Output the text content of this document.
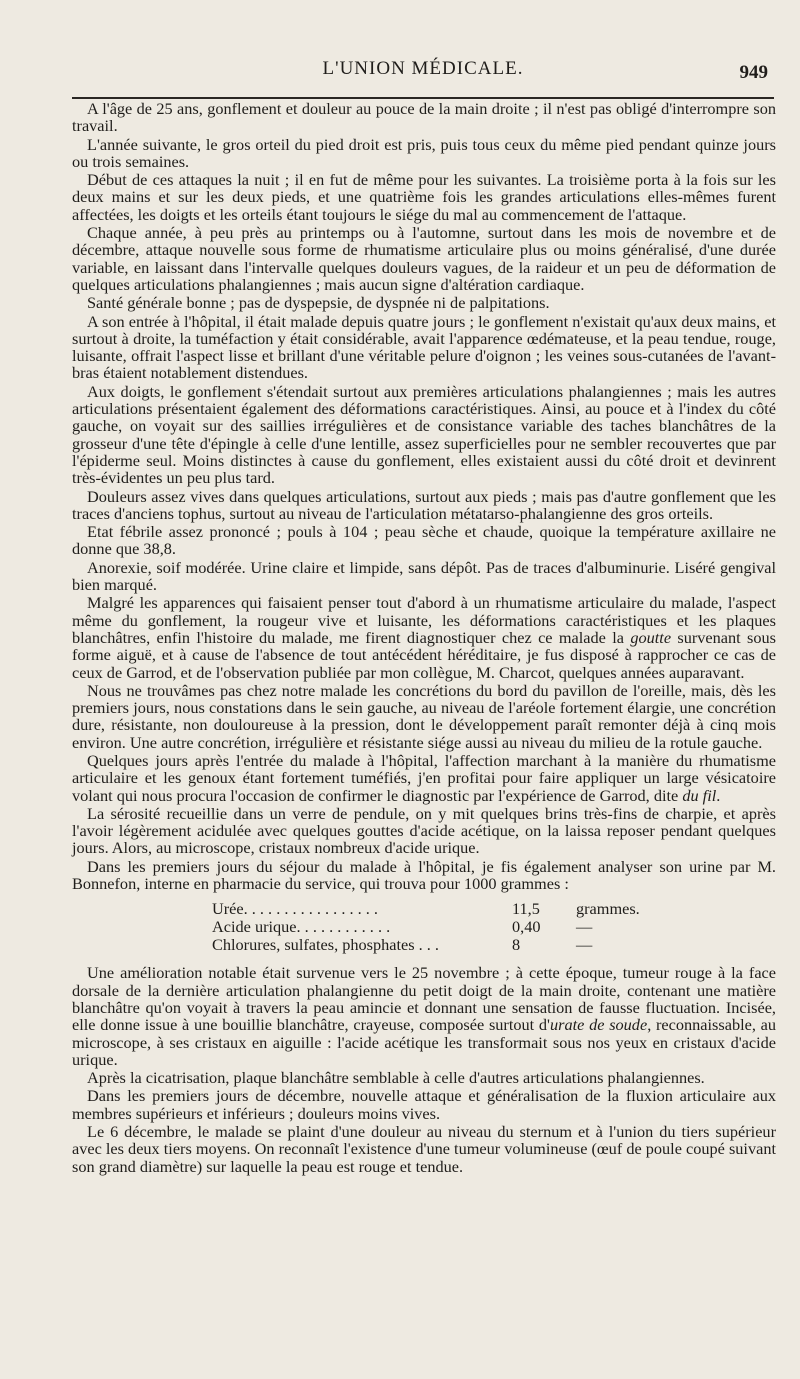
L'UNION MÉDICALE.	949

A l'âge de 25 ans, gonflement et douleur au pouce de la main droite ; il n'est pas obligé d'interrompre son travail.

L'année suivante, le gros orteil du pied droit est pris, puis tous ceux du même pied pendant quinze jours ou trois semaines.

Début de ces attaques la nuit ; il en fut de même pour les suivantes. La troisième porta à la fois sur les deux mains et sur les deux pieds, et une quatrième fois les grandes articulations elles-mêmes furent affectées, les doigts et les orteils étant toujours le siége du mal au commencement de l'attaque.

Chaque année, à peu près au printemps ou à l'automne, surtout dans les mois de novembre et de décembre, attaque nouvelle sous forme de rhumatisme articulaire plus ou moins généralisé, d'une durée variable, en laissant dans l'intervalle quelques douleurs vagues, de la raideur et un peu de déformation de quelques articulations phalangiennes ; mais aucun signe d'altération cardiaque.

Santé générale bonne ; pas de dyspepsie, de dyspnée ni de palpitations.

A son entrée à l'hôpital, il était malade depuis quatre jours ; le gonflement n'existait qu'aux deux mains, et surtout à droite, la tuméfaction y était considérable, avait l'apparence œdémateuse, et la peau tendue, rouge, luisante, offrait l'aspect lisse et brillant d'une véritable pelure d'oignon ; les veines sous-cutanées de l'avant-bras étaient notablement distendues.

Aux doigts, le gonflement s'étendait surtout aux premières articulations phalangiennes ; mais les autres articulations présentaient également des déformations caractéristiques. Ainsi, au pouce et à l'index du côté gauche, on voyait sur des saillies irrégulières et de consistance variable des taches blanchâtres de la grosseur d'une tête d'épingle à celle d'une lentille, assez superficielles pour ne sembler recouvertes que par l'épiderme seul. Moins distinctes à cause du gonflement, elles existaient aussi du côté droit et devinrent très-évidentes un peu plus tard.

Douleurs assez vives dans quelques articulations, surtout aux pieds ; mais pas d'autre gonflement que les traces d'anciens tophus, surtout au niveau de l'articulation métatarso-phalangienne des gros orteils.

Etat fébrile assez prononcé ; pouls à 104 ; peau sèche et chaude, quoique la température axillaire ne donne que 38,8.

Anorexie, soif modérée. Urine claire et limpide, sans dépôt. Pas de traces d'albuminurie. Liséré gengival bien marqué.

Malgré les apparences qui faisaient penser tout d'abord à un rhumatisme articulaire du malade, l'aspect même du gonflement, la rougeur vive et luisante, les déformations caractéristiques et les plaques blanchâtres, enfin l'histoire du malade, me firent diagnostiquer chez ce malade la goutte survenant sous forme aiguë, et à cause de l'absence de tout antécédent héréditaire, je fus disposé à rapprocher ce cas de ceux de Garrod, et de l'observation publiée par mon collègue, M. Charcot, quelques années auparavant.

Nous ne trouvâmes pas chez notre malade les concrétions du bord du pavillon de l'oreille, mais, dès les premiers jours, nous constations dans le sein gauche, au niveau de l'aréole fortement élargie, une concrétion dure, résistante, non douloureuse à la pression, dont le développement paraît remonter déjà à cinq mois environ. Une autre concrétion, irrégulière et résistante siége aussi au niveau du milieu de la rotule gauche.

Quelques jours après l'entrée du malade à l'hôpital, l'affection marchant à la manière du rhumatisme articulaire et les genoux étant fortement tuméfiés, j'en profitai pour faire appliquer un large vésicatoire volant qui nous procura l'occasion de confirmer le diagnostic par l'expérience de Garrod, dite du fil.

La sérosité recueillie dans un verre de pendule, on y mit quelques brins très-fins de charpie, et après l'avoir légèrement acidulée avec quelques gouttes d'acide acétique, on la laissa reposer pendant quelques jours. Alors, au microscope, cristaux nombreux d'acide urique.

Dans les premiers jours du séjour du malade à l'hôpital, je fis également analyser son urine par M. Bonnefon, interne en pharmacie du service, qui trouva pour 1000 grammes :

Urée. . . . . . . . . . . . . . . . .	11,5	grammes.
Acide urique. . . . . . . . . . . .	0,40	—
Chlorures, sulfates, phosphates . . .	8	—

Une amélioration notable était survenue vers le 25 novembre ; à cette époque, tumeur rouge à la face dorsale de la dernière articulation phalangienne du petit doigt de la main droite, contenant une matière blanchâtre qu'on voyait à travers la peau amincie et donnant une sensation de fausse fluctuation. Incisée, elle donne issue à une bouillie blanchâtre, crayeuse, composée surtout d'urate de soude, reconnaissable, au microscope, à ses cristaux en aiguille : l'acide acétique les transformait sous nos yeux en cristaux d'acide urique.

Après la cicatrisation, plaque blanchâtre semblable à celle d'autres articulations phalangiennes.

Dans les premiers jours de décembre, nouvelle attaque et généralisation de la fluxion articulaire aux membres supérieurs et inférieurs ; douleurs moins vives.

Le 6 décembre, le malade se plaint d'une douleur au niveau du sternum et à l'union du tiers supérieur avec les deux tiers moyens. On reconnaît l'existence d'une tumeur volumineuse (œuf de poule coupé suivant son grand diamètre) sur laquelle la peau est rouge et tendue.
